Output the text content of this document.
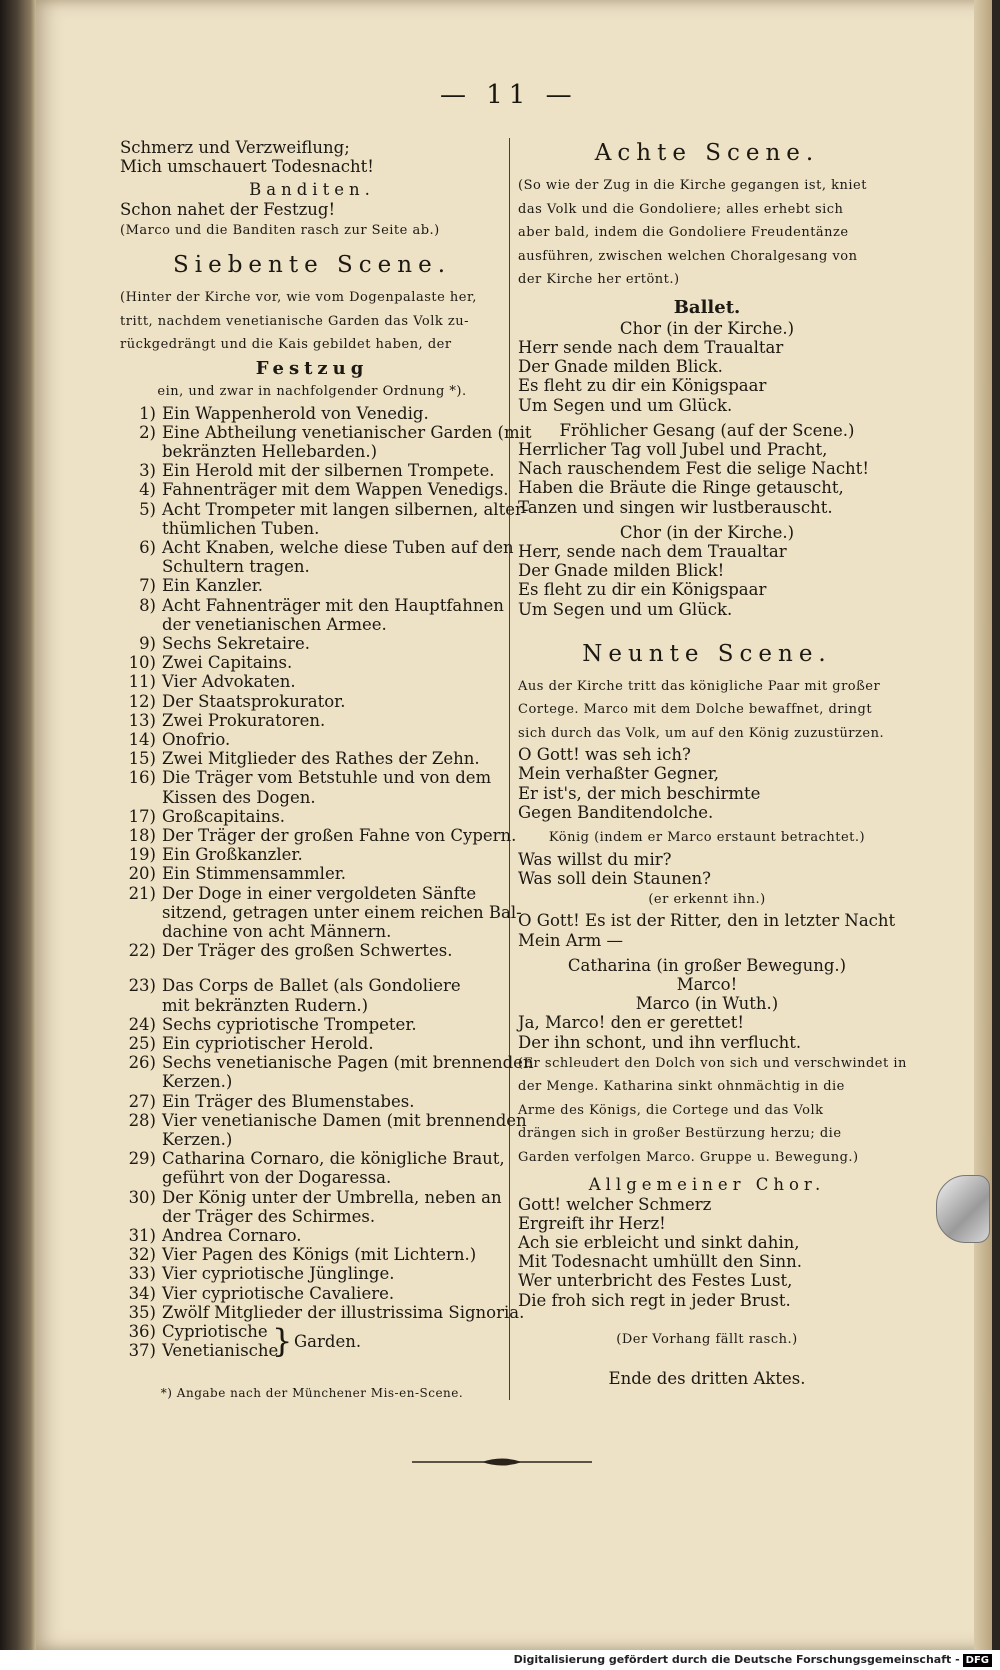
— 11 —
Schmerz und Verzweiflung;
Mich umschauert Todesnacht!
Banditen.
Schon nahet der Festzug!
(Marco und die Banditen rasch zur Seite ab.)
Siebente Scene.
(Hinter der Kirche vor, wie vom Dogenpalaste her,
tritt, nachdem venetianische Garden das Volk zu-
rückgedrängt und die Kais gebildet haben, der
Festzug
ein, und zwar in nachfolgender Ordnung *).
1) Ein Wappenherold von Venedig.
2) Eine Abtheilung venetianischer Garden (mit
bekränzten Hellebarden.)
3) Ein Herold mit der silbernen Trompete.
4) Fahnenträger mit dem Wappen Venedigs.
5) Acht Trompeter mit langen silbernen, alter-
thümlichen Tuben.
6) Acht Knaben, welche diese Tuben auf den
Schultern tragen.
7) Ein Kanzler.
8) Acht Fahnenträger mit den Hauptfahnen
der venetianischen Armee.
9) Sechs Sekretaire.
10) Zwei Capitains.
11) Vier Advokaten.
12) Der Staatsprokurator.
13) Zwei Prokuratoren.
14) Onofrio.
15) Zwei Mitglieder des Rathes der Zehn.
16) Die Träger vom Betstuhle und von dem
Kissen des Dogen.
17) Großcapitains.
18) Der Träger der großen Fahne von Cypern.
19) Ein Großkanzler.
20) Ein Stimmensammler.
21) Der Doge in einer vergoldeten Sänfte
sitzend, getragen unter einem reichen Bal-
dachine von acht Männern.
22) Der Träger des großen Schwertes.
23) Das Corps de Ballet (als Gondoliere
mit bekränzten Rudern.)
24) Sechs cypriotische Trompeter.
25) Ein cypriotischer Herold.
26) Sechs venetianische Pagen (mit brennenden
Kerzen.)
27) Ein Träger des Blumenstabes.
28) Vier venetianische Damen (mit brennenden
Kerzen.)
29) Catharina Cornaro, die königliche Braut,
geführt von der Dogaressa.
30) Der König unter der Umbrella, neben an
der Träger des Schirmes.
31) Andrea Cornaro.
32) Vier Pagen des Königs (mit Lichtern.)
33) Vier cypriotische Jünglinge.
34) Vier cypriotische Cavaliere.
35) Zwölf Mitglieder der illustrissima Signoria.
36) Cypriotische
37) Venetianische
} Garden.
*) Angabe nach der Münchener Mis-en-Scene.
Achte Scene.
(So wie der Zug in die Kirche gegangen ist, kniet
das Volk und die Gondoliere; alles erhebt sich
aber bald, indem die Gondoliere Freudentänze
ausführen, zwischen welchen Choralgesang von
der Kirche her ertönt.)
Ballet.
Chor (in der Kirche.)
Herr sende nach dem Traualtar
Der Gnade milden Blick.
Es fleht zu dir ein Königspaar
Um Segen und um Glück.
Fröhlicher Gesang (auf der Scene.)
Herrlicher Tag voll Jubel und Pracht,
Nach rauschendem Fest die selige Nacht!
Haben die Bräute die Ringe getauscht,
Tanzen und singen wir lustberauscht.
Chor (in der Kirche.)
Herr, sende nach dem Traualtar
Der Gnade milden Blick!
Es fleht zu dir ein Königspaar
Um Segen und um Glück.
Neunte Scene.
Aus der Kirche tritt das königliche Paar mit großer
Cortege. Marco mit dem Dolche bewaffnet, dringt
sich durch das Volk, um auf den König zuzustürzen.
O Gott! was seh ich?
Mein verhaßter Gegner,
Er ist's, der mich beschirmte
Gegen Banditendolche.
König (indem er Marco erstaunt betrachtet.)
Was willst du mir?
Was soll dein Staunen?
(er erkennt ihn.)
O Gott! Es ist der Ritter, den in letzter Nacht
Mein Arm —
Catharina (in großer Bewegung.)
Marco!
Marco (in Wuth.)
Ja, Marco! den er gerettet!
Der ihn schont, und ihn verflucht.
(Er schleudert den Dolch von sich und verschwindet in
der Menge. Katharina sinkt ohnmächtig in die
Arme des Königs, die Cortege und das Volk
drängen sich in großer Bestürzung herzu; die
Garden verfolgen Marco. Gruppe u. Bewegung.)
Allgemeiner Chor.
Gott! welcher Schmerz
Ergreift ihr Herz!
Ach sie erbleicht und sinkt dahin,
Mit Todesnacht umhüllt den Sinn.
Wer unterbricht des Festes Lust,
Die froh sich regt in jeder Brust.
(Der Vorhang fällt rasch.)
Ende des dritten Aktes.
Digitalisierung gefördert durch die Deutsche Forschungsgemeinschaft - DFG
